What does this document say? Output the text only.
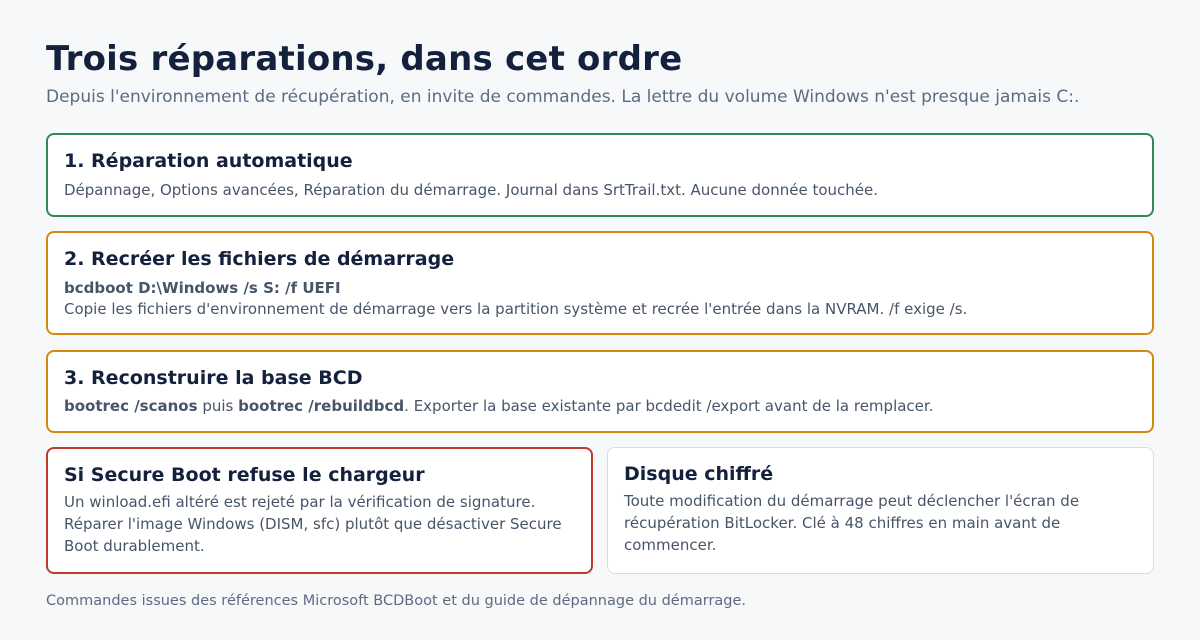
Trois réparations, dans cet ordre

Depuis l'environnement de récupération, en invite de commandes. La lettre du volume Windows n'est presque jamais C:.

1. Réparation automatique

Dépannage, Options avancées, Réparation du démarrage. Journal dans SrtTrail.txt. Aucune donnée touchée.

2. Recréer les fichiers de démarrage

bcdboot D:\Windows /s S: /f UEFI

Copie les fichiers d'environnement de démarrage vers la partition système et recrée l'entrée dans la NVRAM. /f exige /s.

3. Reconstruire la base BCD

bootrec /scanos puis bootrec /rebuildbcd. Exporter la base existante par bcdedit /export avant de la remplacer.

Si Secure Boot refuse le chargeur

Un winload.efi altéré est rejeté par la vérification de signature. Réparer l'image Windows (DISM, sfc) plutôt que désactiver Secure Boot durablement.

Disque chiffré

Toute modification du démarrage peut déclencher l'écran de récupération BitLocker. Clé à 48 chiffres en main avant de commencer.

Commandes issues des références Microsoft BCDBoot et du guide de dépannage du démarrage.
